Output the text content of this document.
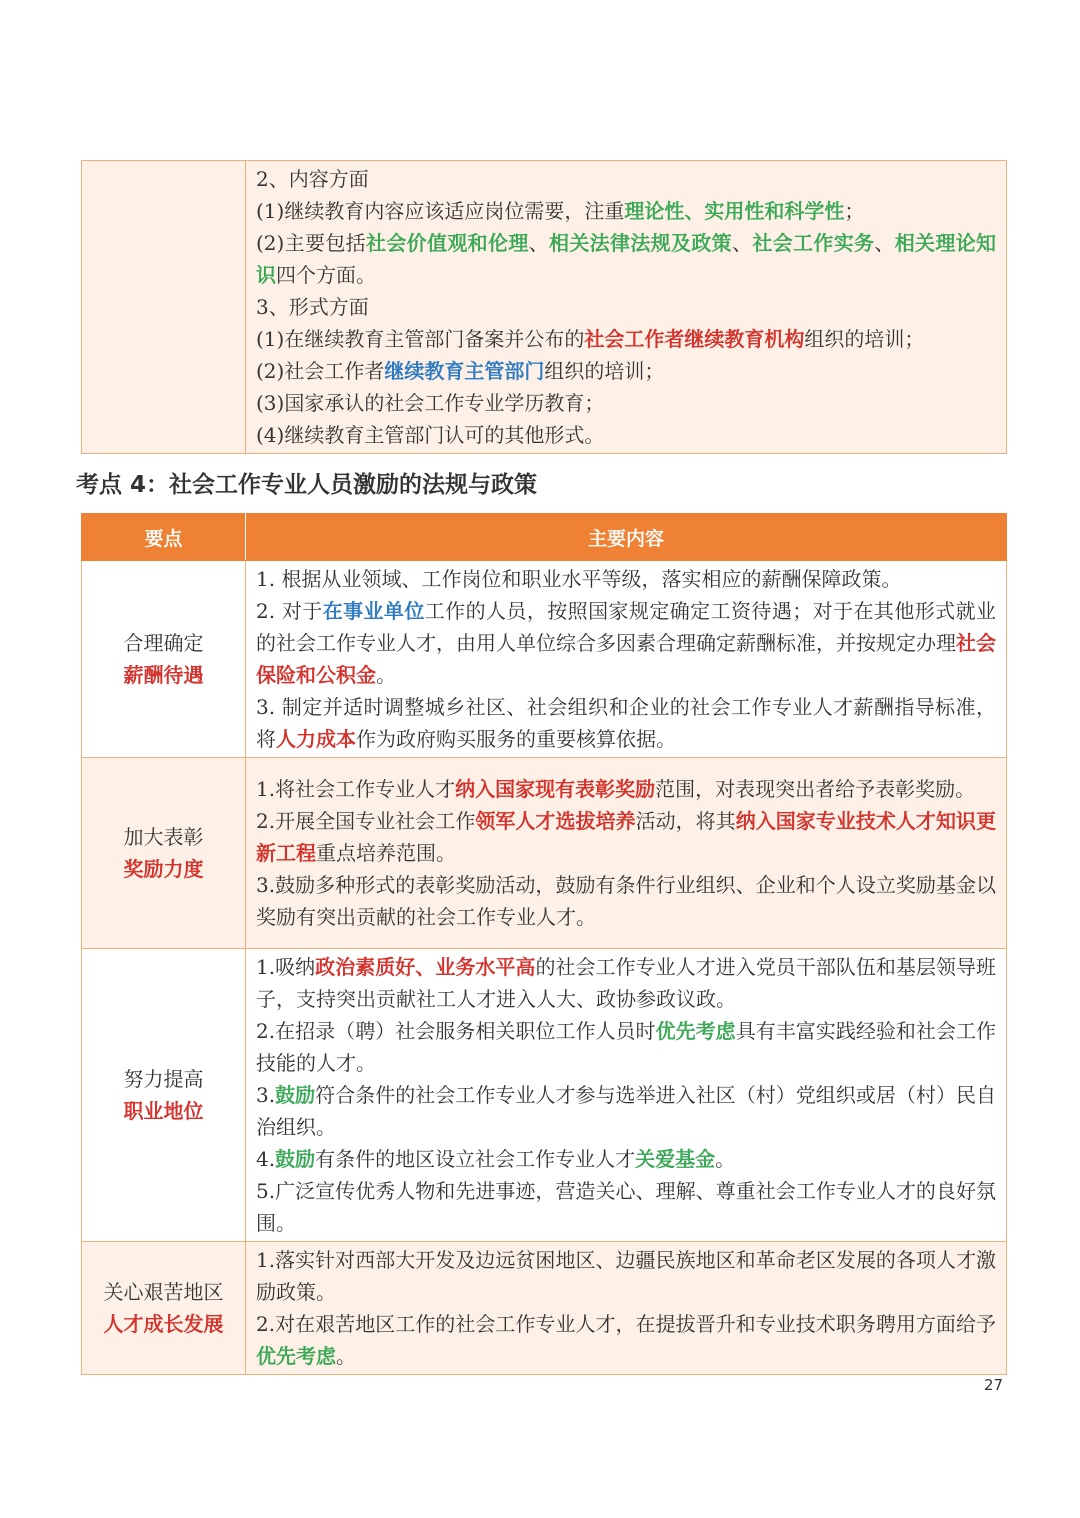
2、内容方面
(1)继续教育内容应该适应岗位需要，注重理论性、实用性和科学性；
(2)主要包括社会价值观和伦理、相关法律法规及政策、社会工作实务、相关理论知识四个方面。
3、形式方面
(1)在继续教育主管部门备案并公布的社会工作者继续教育机构组织的培训；
(2)社会工作者继续教育主管部门组织的培训；
(3)国家承认的社会工作专业学历教育；
(4)继续教育主管部门认可的其他形式。
考点 4：社会工作专业人员激励的法规与政策
要点	主要内容
合理确定
薪酬待遇	1. 根据从业领域、工作岗位和职业水平等级，落实相应的薪酬保障政策。
2. 对于在事业单位工作的人员，按照国家规定确定工资待遇；对于在其他形式就业的社会工作专业人才，由用人单位综合多因素合理确定薪酬标准，并按规定办理社会保险和公积金。
3. 制定并适时调整城乡社区、社会组织和企业的社会工作专业人才薪酬指导标准，将人力成本作为政府购买服务的重要核算依据。

加大表彰
奖励力度	1.将社会工作专业人才纳入国家现有表彰奖励范围，对表现突出者给予表彰奖励。
2.开展全国专业社会工作领军人才选拔培养活动，将其纳入国家专业技术人才知识更新工程重点培养范围。
3.鼓励多种形式的表彰奖励活动，鼓励有条件行业组织、企业和个人设立奖励基金以奖励有突出贡献的社会工作专业人才。

努力提高
职业地位	1.吸纳政治素质好、业务水平高的社会工作专业人才进入党员干部队伍和基层领导班子，支持突出贡献社工人才进入人大、政协参政议政。
2.在招录（聘）社会服务相关职位工作人员时优先考虑具有丰富实践经验和社会工作技能的人才。
3.鼓励符合条件的社会工作专业人才参与选举进入社区（村）党组织或居（村）民自治组织。
4.鼓励有条件的地区设立社会工作专业人才关爱基金。
5.广泛宣传优秀人物和先进事迹，营造关心、理解、尊重社会工作专业人才的良好氛围。

关心艰苦地区
人才成长发展	1.落实针对西部大开发及边远贫困地区、边疆民族地区和革命老区发展的各项人才激励政策。
2.对在艰苦地区工作的社会工作专业人才，在提拔晋升和专业技术职务聘用方面给予优先考虑。
27
